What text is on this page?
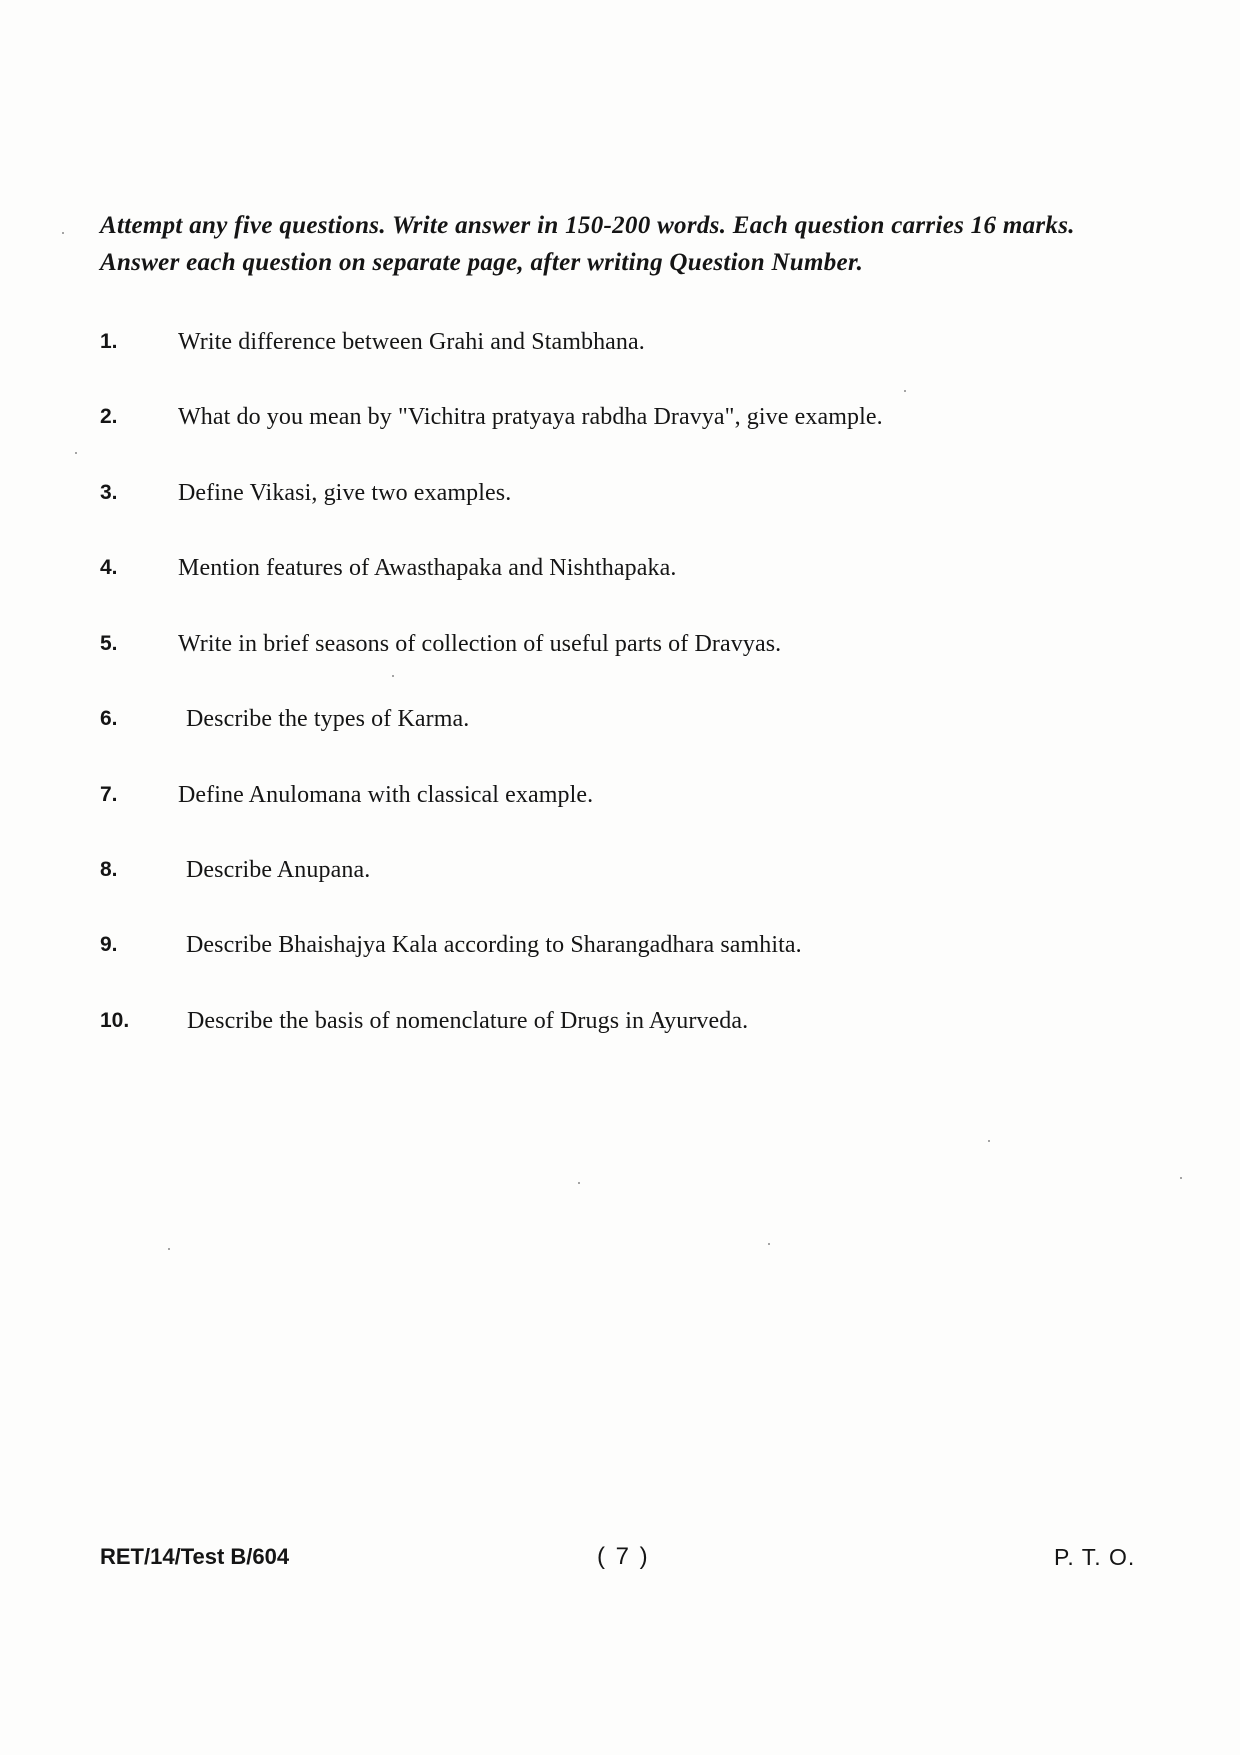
Attempt any five questions. Write answer in 150-200 words. Each question carries 16 marks. Answer each question on separate page, after writing Question Number.
1.	Write difference between Grahi and Stambhana.
2.	What do you mean by "Vichitra pratyaya rabdha Dravya", give example.
3.	Define Vikasi, give two examples.
4.	Mention features of Awasthapaka and Nishthapaka.
5.	Write in brief seasons of collection of useful parts of Dravyas.
6.	Describe the types of Karma.
7.	Define Anulomana with classical example.
8.	Describe Anupana.
9.	Describe Bhaishajya Kala according to Sharangadhara samhita.
10. Describe the basis of nomenclature of Drugs in Ayurveda.
RET/14/Test B/604	( 7 )	P. T. O.
